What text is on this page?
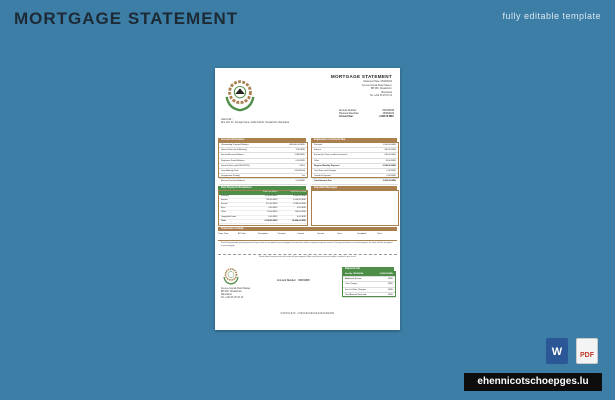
MORTGAGE STATEMENT	fully editable template
MORTGAGE STATEMENT
Statement Date: 06/09/2024
Avenue Gamal Abdel Nasser,
BP 650, Nouakchott,
Mauritania
Tel: +222 45 25 15 10
Account Number:	000152845
Payment Due Date:	15/09/2024
Amount Due:	2,308.00 MRU
Jalia Ould...
Rue 42C F4, Tevragh Zeina, Avallé District, Nouakchott, Mauritania
Account Information	Explanation of Amount Due
Outstanding Principal Balance	348,000.00 MRU
Interest Rate (Until Maturity)	3.90 MRU
Escrow Account Balance	2,380 MRU
Suspense Funds Balance	0.00 MRU
Interest Rate (until 08/01/2025)	0.40%
Loan Maturity Date	01/01/2040
Prepayment Penalty	Yes
Escrow Past Due Balance	0.00 MRU
Principal	1,100.00 MRU
Interest	780.00 MRU
Escrow (for Taxes and/or Insurance)	410.00 MRU
Other	18.00 MRU
Regular Monthly Payment	2,308.00 MRU
Total Fees and Charges	0.00 MRU
Overdue Payment	0.00 MRU
Total Amount Due	2,308.00 MRU
Past Payments Breakdown	Important Messages
Paid Last Month	Paid Year to Date
Principal	1,100.00 MRU	8,800.00 MRU
Interest	780.00 MRU	6,240.00 MRU
Escrow	410.00 MRU	3,280.00 MRU
Fees	0.00 MRU	0.00 MRU
Other	18.00 MRU	144.00 MRU
Unapplied Funds	0.00 MRU	0.00 MRU
Total	2,308.00 MRU	18,464.00 MRU
Transaction Activity
Trans. Date	Eff. Date	Description	Principal	Interest	Escrow	Fees	Unapplied	Total
Partial Payments: Any partial payments that you make are not applied to your mortgage, but instead are held in a separate suspense account. If you pay the balance of a partial payment, the funds will then be applied to your mortgage.
Please detach bottom portion and return with your payment. Make sure that your account number is written on your check.
Avenue Gamal Abdel Nasser,
BP 650, Nouakchott,
Mauritania
Tel: +222 45 25 15 10
Account Number: 000152845
Payment Info
Due By 15/09/2024	2,308.00 MRU
Additional Escrow	MRU
Late Charges	MRU
Fees & Other Charges	MRU
Total Amount Enclosed	MRU
000152845 2308002308002308000000
W	PDF
ehennicotschoepges.lu
